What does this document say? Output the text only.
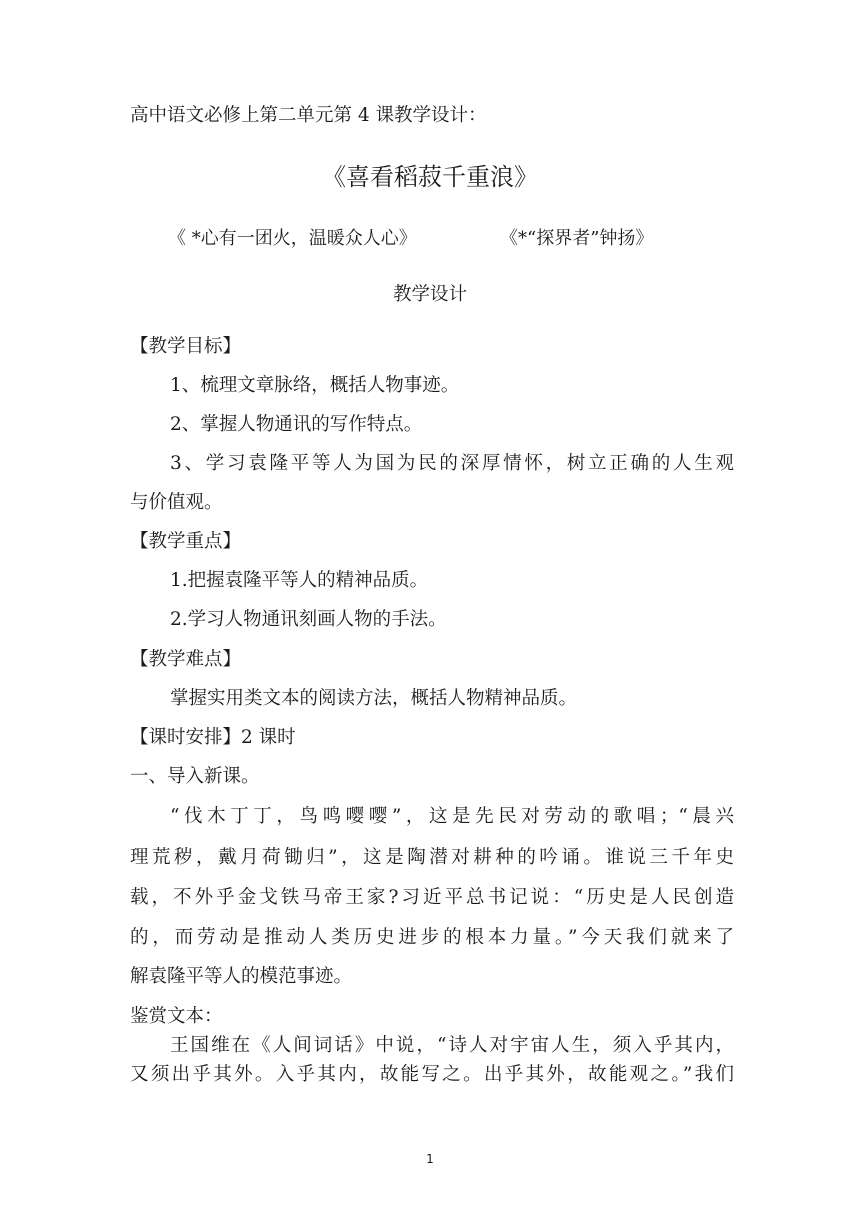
高中语文必修上第二单元第 4 课教学设计：
《喜看稻菽千重浪》
《 *心有一团火，温暖众人心》	《*“探界者”钟扬》
教学设计
【教学目标】
1、梳理文章脉络，概括人物事迹。
2、掌握人物通讯的写作特点。
3、学习袁隆平等人为国为民的深厚情怀，树立正确的人生观
与价值观。
【教学重点】
1.把握袁隆平等人的精神品质。
2.学习人物通讯刻画人物的手法。
【教学难点】
掌握实用类文本的阅读方法，概括人物精神品质。
【课时安排】2 课时
一、导入新课。
“伐木丁丁，鸟鸣嘤嘤”，这是先民对劳动的歌唱；“晨兴
理荒秽，戴月荷锄归”，这是陶潜对耕种的吟诵。谁说三千年史
载，不外乎金戈铁马帝王家?习近平总书记说：“历史是人民创造
的，而劳动是推动人类历史进步的根本力量。”今天我们就来了
解袁隆平等人的模范事迹。
鉴赏文本：
王国维在《人间词话》中说，“诗人对宇宙人生，须入乎其内，
又须出乎其外。入乎其内，故能写之。出乎其外，故能观之。”我们
1
